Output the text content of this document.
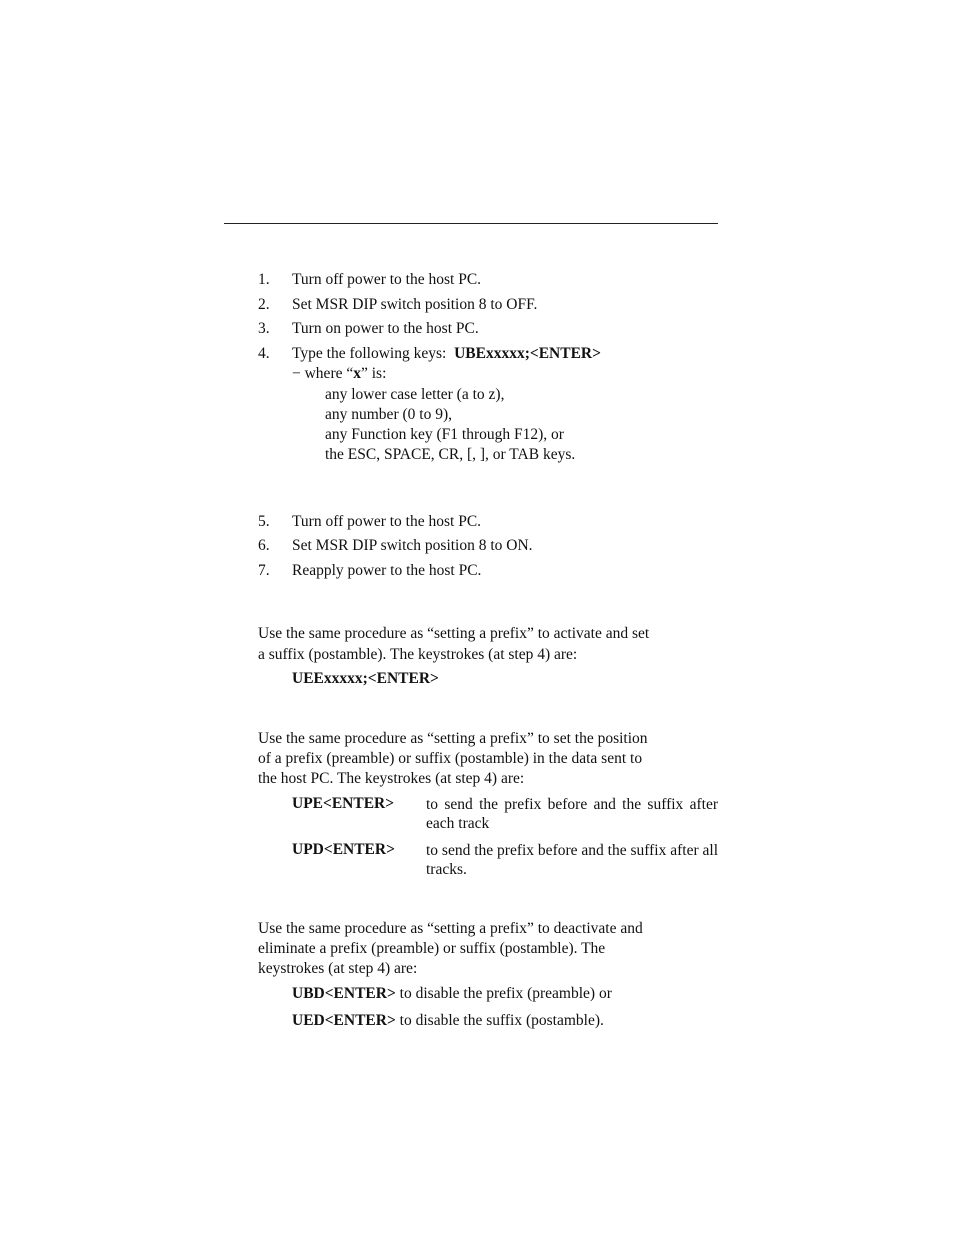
1.	Turn off power to the host PC.
2.	Set MSR DIP switch position 8 to OFF.
3.	Turn on power to the host PC.
4.	Type the following keys: UBExxxxx;<ENTER>
− where “x” is:
any lower case letter (a to z),
any number (0 to 9),
any Function key (F1 through F12), or
the ESC, SPACE, CR, [, ], or TAB keys.
5.	Turn off power to the host PC.
6.	Set MSR DIP switch position 8 to ON.
7.	Reapply power to the host PC.
Use the same procedure as “setting a prefix” to activate and set
a suffix (postamble). The keystrokes (at step 4) are:
UEExxxxx;<ENTER>
Use the same procedure as “setting a prefix” to set the position
of a prefix (preamble) or suffix (postamble) in the data sent to
the host PC. The keystrokes (at step 4) are:
UPE<ENTER> to send the prefix before and the suffix after each track
UPD<ENTER> to send the prefix before and the suffix after all tracks.
Use the same procedure as “setting a prefix” to deactivate and
eliminate a prefix (preamble) or suffix (postamble). The
keystrokes (at step 4) are:
UBD<ENTER> to disable the prefix (preamble) or
UED<ENTER> to disable the suffix (postamble).
